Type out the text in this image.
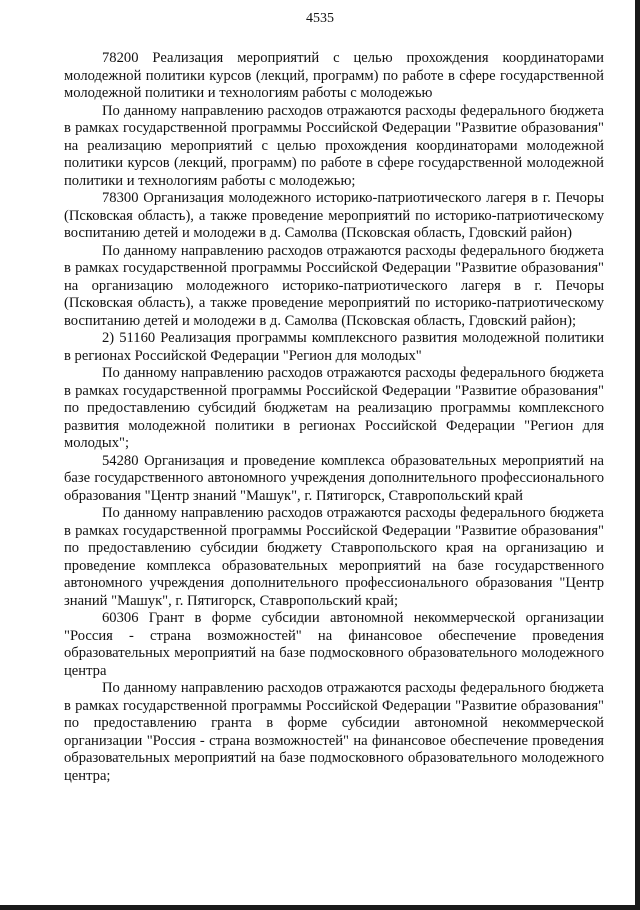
4535

78200 Реализация мероприятий с целью прохождения координаторами молодежной политики курсов (лекций, программ) по работе в сфере государственной молодежной политики и технологиям работы с молодежью

По данному направлению расходов отражаются расходы федерального бюджета в рамках государственной программы Российской Федерации "Развитие образования" на реализацию мероприятий с целью прохождения координаторами молодежной политики курсов (лекций, программ) по работе в сфере государственной молодежной политики и технологиям работы с молодежью;

78300 Организация молодежного историко-патриотического лагеря в г. Печоры (Псковская область), а также проведение мероприятий по историко-патриотическому воспитанию детей и молодежи в д. Самолва (Псковская область, Гдовский район)

По данному направлению расходов отражаются расходы федерального бюджета в рамках государственной программы Российской Федерации "Развитие образования" на организацию молодежного историко-патриотического лагеря в г. Печоры (Псковская область), а также проведение мероприятий по историко-патриотическому воспитанию детей и молодежи в д. Самолва (Псковская область, Гдовский район);

2) 51160 Реализация программы комплексного развития молодежной политики в регионах Российской Федерации "Регион для молодых"

По данному направлению расходов отражаются расходы федерального бюджета в рамках государственной программы Российской Федерации "Развитие образования" по предоставлению субсидий бюджетам на реализацию программы комплексного развития молодежной политики в регионах Российской Федерации "Регион для молодых";

54280 Организация и проведение комплекса образовательных мероприятий на базе государственного автономного учреждения дополнительного профессионального образования "Центр знаний "Машук", г. Пятигорск, Ставропольский край

По данному направлению расходов отражаются расходы федерального бюджета в рамках государственной программы Российской Федерации "Развитие образования" по предоставлению субсидии бюджету Ставропольского края на организацию и проведение комплекса образовательных мероприятий на базе государственного автономного учреждения дополнительного профессионального образования "Центр знаний "Машук", г. Пятигорск, Ставропольский край;

60306 Грант в форме субсидии автономной некоммерческой организации "Россия - страна возможностей" на финансовое обеспечение проведения образовательных мероприятий на базе подмосковного образовательного молодежного центра

По данному направлению расходов отражаются расходы федерального бюджета в рамках государственной программы Российской Федерации "Развитие образования" по предоставлению гранта в форме субсидии автономной некоммерческой организации "Россия - страна возможностей" на финансовое обеспечение проведения образовательных мероприятий на базе подмосковного образовательного молодежного центра;
